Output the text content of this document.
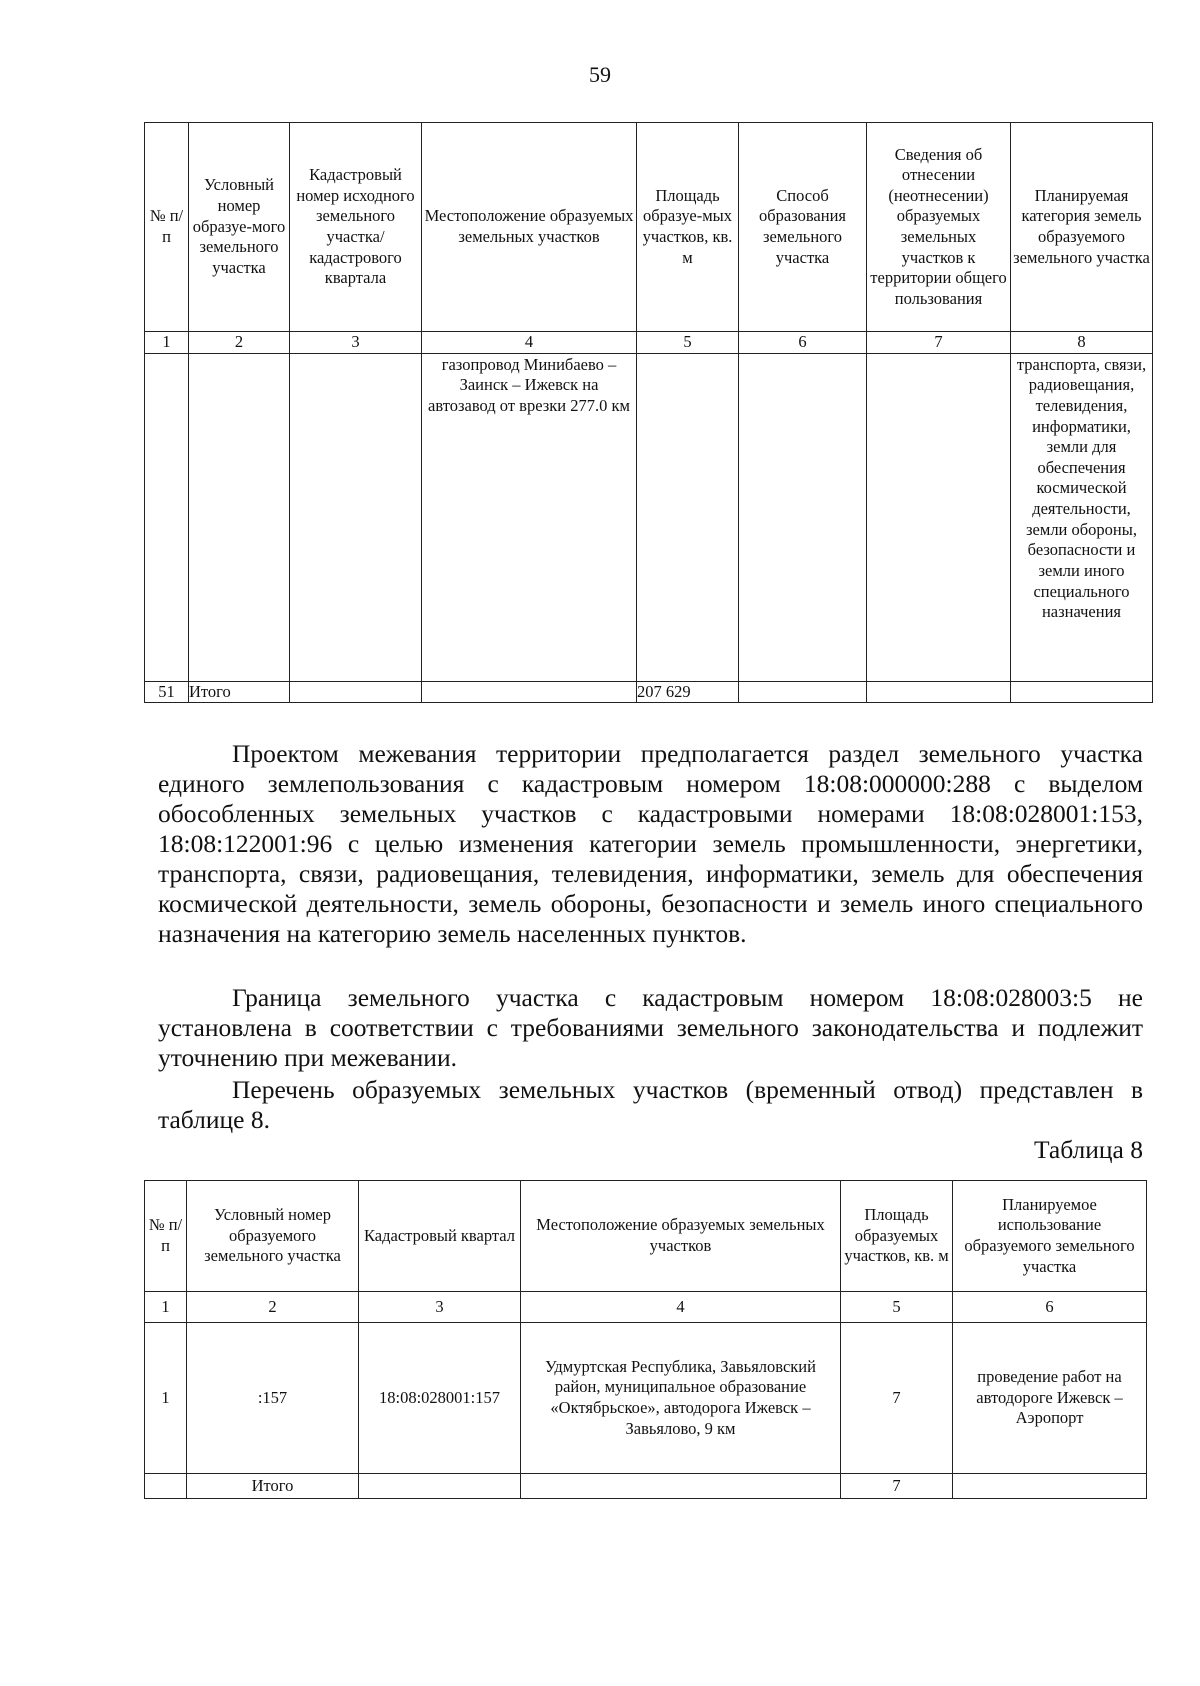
59
№ п/п	Условный номер образуе-мого земельного участка	Кадастровый номер исходного земельного участка/ кадастрового квартала	Местоположение образуемых земельных участков	Площадь образуе-мых участков, кв. м	Способ образования земельного участка	Сведения об отнесении (неотнесении) образуемых земельных участков к территории общего пользования	Планируемая категория земель образуемого земельного участка
1	2	3	4	5	6	7	8
			газопровод Минибаево – Заинск – Ижевск на автозавод от врезки 277.0 км				транспорта, связи, радиовещания, телевидения, информатики, земли для обеспечения космической деятельности, земли обороны, безопасности и земли иного специального назначения
51	Итого			207 629			

Проектом межевания территории предполагается раздел земельного участка единого землепользования с кадастровым номером 18:08:000000:288 с выделом обособленных земельных участков с кадастровыми номерами 18:08:028001:153, 18:08:122001:96 с целью изменения категории земель промышленности, энергетики, транспорта, связи, радиовещания, телевидения, информатики, земель для обеспечения космической деятельности, земель обороны, безопасности и земель иного специального назначения на категорию земель населенных пунктов.

Граница земельного участка с кадастровым номером 18:08:028003:5 не установлена в соответствии с требованиями земельного законодательства и подлежит уточнению при межевании.

Перечень образуемых земельных участков (временный отвод) представлен в таблице 8.

Таблица 8
№ п/п	Условный номер образуемого земельного участка	Кадастровый квартал	Местоположение образуемых земельных участков	Площадь образуемых участков, кв. м	Планируемое использование образуемого земельного участка
1	2	3	4	5	6
1	:157	18:08:028001:157	Удмуртская Республика, Завьяловский район, муниципальное образование «Октябрьское», автодорога Ижевск – Завьялово, 9 км	7	проведение работ на автодороге Ижевск – Аэропорт
	Итого			7	
